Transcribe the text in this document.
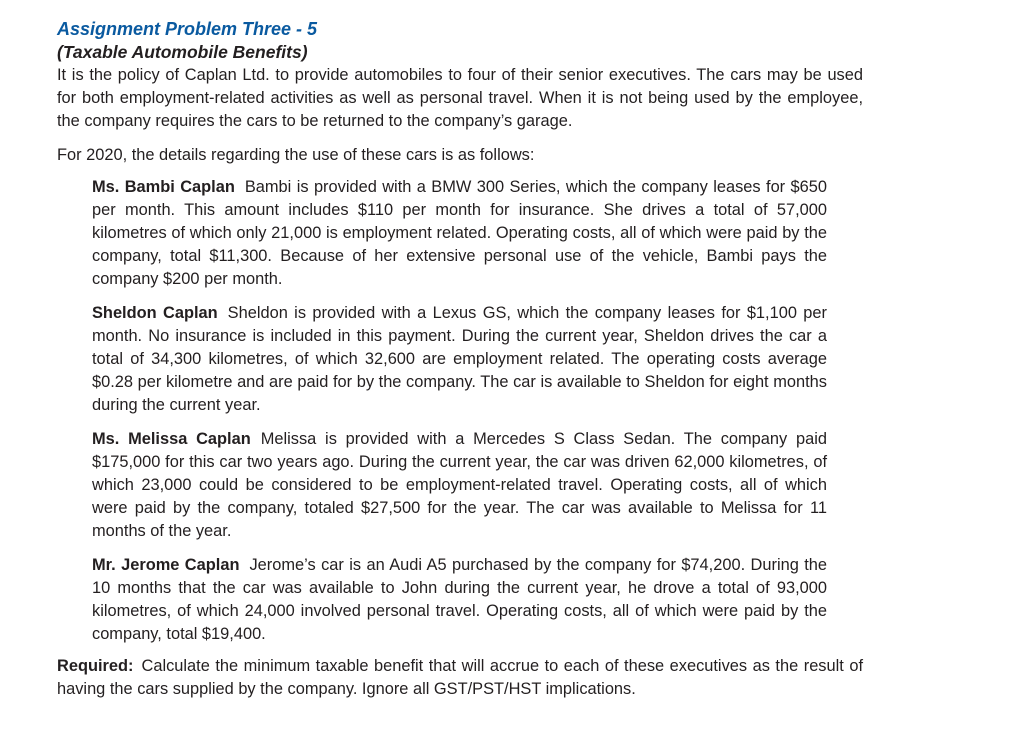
Assignment Problem Three - 5

(Taxable Automobile Benefits)

It is the policy of Caplan Ltd. to provide automobiles to four of their senior executives. The cars may be used for both employment-related activities as well as personal travel. When it is not being used by the employee, the company requires the cars to be returned to the company’s garage.

For 2020, the details regarding the use of these cars is as follows:

Ms. Bambi Caplan Bambi is provided with a BMW 300 Series, which the company leases for $650 per month. This amount includes $110 per month for insurance. She drives a total of 57,000 kilometres of which only 21,000 is employment related. Operating costs, all of which were paid by the company, total $11,300. Because of her extensive personal use of the vehicle, Bambi pays the company $200 per month.
Sheldon Caplan Sheldon is provided with a Lexus GS, which the company leases for $1,100 per month. No insurance is included in this payment. During the current year, Sheldon drives the car a total of 34,300 kilometres, of which 32,600 are employment related. The operating costs average $0.28 per kilometre and are paid for by the company. The car is available to Sheldon for eight months during the current year.
Ms. Melissa Caplan Melissa is provided with a Mercedes S Class Sedan. The company paid $175,000 for this car two years ago. During the current year, the car was driven 62,000 kilometres, of which 23,000 could be considered to be employment-related travel. Operating costs, all of which were paid by the company, totaled $27,500 for the year. The car was available to Melissa for 11 months of the year.
Mr. Jerome Caplan Jerome’s car is an Audi A5 purchased by the company for $74,200. During the 10 months that the car was available to John during the current year, he drove a total of 93,000 kilometres, of which 24,000 involved personal travel. Operating costs, all of which were paid by the company, total $19,400.

Required: Calculate the minimum taxable benefit that will accrue to each of these executives as the result of having the cars supplied by the company. Ignore all GST/PST/HST implications.
